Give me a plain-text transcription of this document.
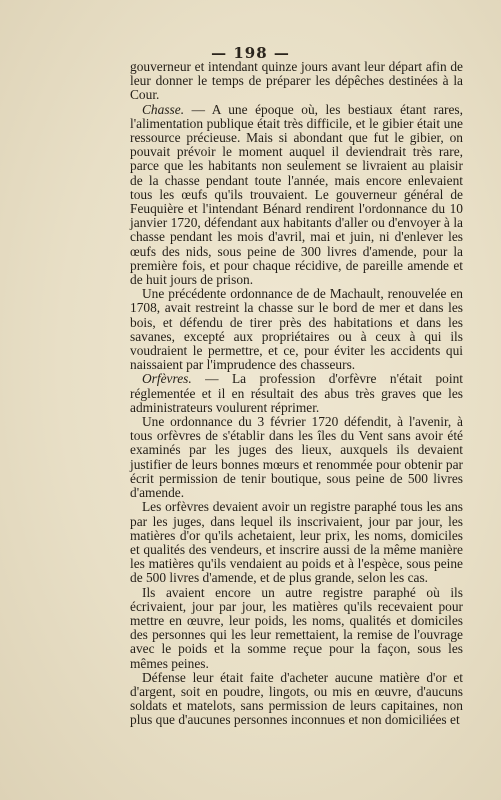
— 198 —

gouverneur et intendant quinze jours avant leur départ afin de leur donner le temps de préparer les dépêches destinées à la Cour.

Chasse. — A une époque où, les bestiaux étant rares, l'alimentation publique était très difficile, et le gibier était une ressource précieuse. Mais si abondant que fut le gibier, on pouvait prévoir le moment auquel il deviendrait très rare, parce que les habitants non seulement se livraient au plaisir de la chasse pendant toute l'année, mais encore enlevaient tous les œufs qu'ils trouvaient. Le gouverneur général de Feuquière et l'intendant Bénard rendirent l'ordonnance du 10 janvier 1720, défendant aux habitants d'aller ou d'envoyer à la chasse pendant les mois d'avril, mai et juin, ni d'enlever les œufs des nids, sous peine de 300 livres d'amende, pour la première fois, et pour chaque récidive, de pareille amende et de huit jours de prison.

Une précédente ordonnance de de Machault, renouvelée en 1708, avait restreint la chasse sur le bord de mer et dans les bois, et défendu de tirer près des habitations et dans les savanes, excepté aux propriétaires ou à ceux à qui ils voudraient le permettre, et ce, pour éviter les accidents qui naissaient par l'imprudence des chasseurs.

Orfèvres. — La profession d'orfèvre n'était point réglementée et il en résultait des abus très graves que les administrateurs voulurent réprimer.

Une ordonnance du 3 février 1720 défendit, à l'avenir, à tous orfèvres de s'établir dans les îles du Vent sans avoir été examinés par les juges des lieux, auxquels ils devaient justifier de leurs bonnes mœurs et renommée pour obtenir par écrit permission de tenir boutique, sous peine de 500 livres d'amende.

Les orfèvres devaient avoir un registre paraphé tous les ans par les juges, dans lequel ils inscrivaient, jour par jour, les matières d'or qu'ils achetaient, leur prix, les noms, domiciles et qualités des vendeurs, et inscrire aussi de la même manière les matières qu'ils vendaient au poids et à l'espèce, sous peine de 500 livres d'amende, et de plus grande, selon les cas.

Ils avaient encore un autre registre paraphé où ils écrivaient, jour par jour, les matières qu'ils recevaient pour mettre en œuvre, leur poids, les noms, qualités et domiciles des personnes qui les leur remettaient, la remise de l'ouvrage avec le poids et la somme reçue pour la façon, sous les mêmes peines.

Défense leur était faite d'acheter aucune matière d'or et d'argent, soit en poudre, lingots, ou mis en œuvre, d'aucuns soldats et matelots, sans permission de leurs capitaines, non plus que d'aucunes personnes inconnues et non domiciliées et
